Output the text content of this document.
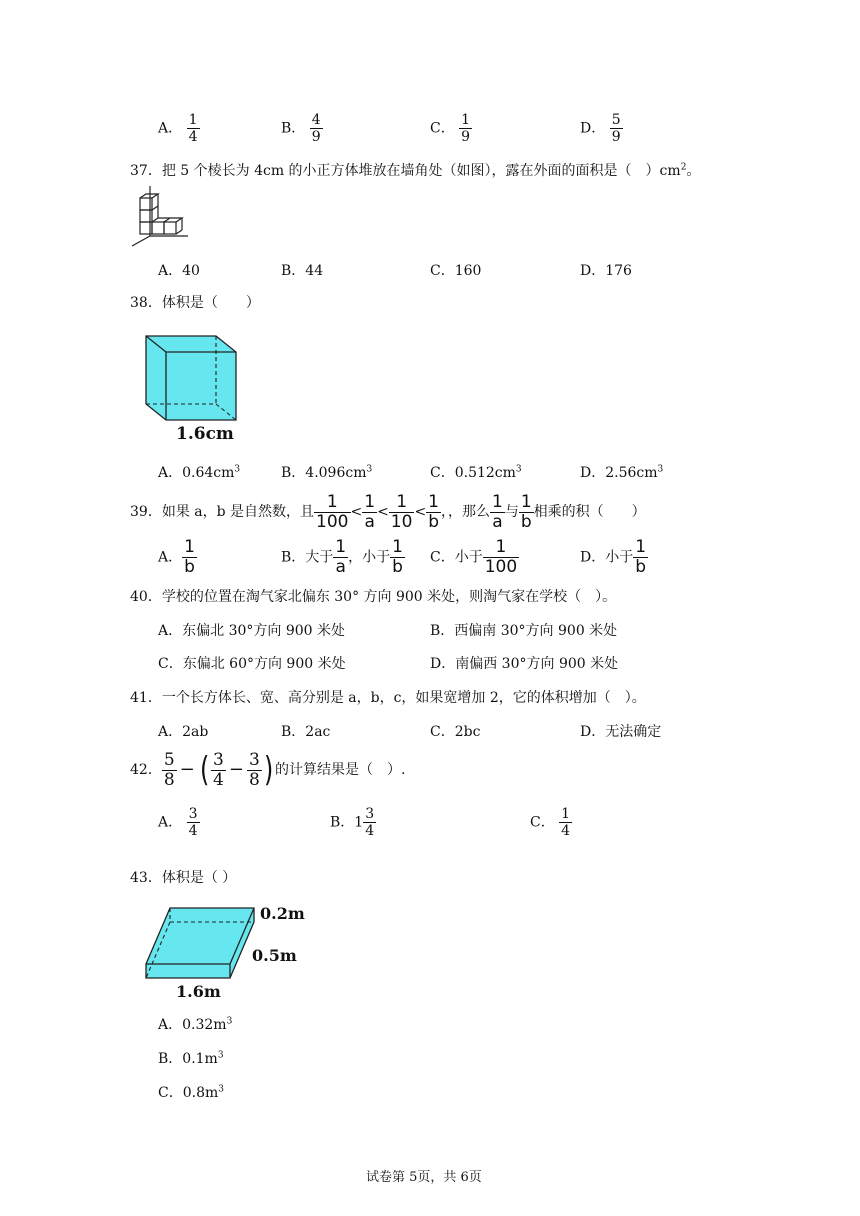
A． $\frac{1}{4}$	B． $\frac{4}{9}$	C． $\frac{1}{9}$	D． $\frac{5}{9}$
37．把 5 个棱长为 4cm 的小正方体堆放在墙角处（如图），露在外面的面积是（　）$cm^2$。
A．40	B．44	C．160	D．176
38．体积是（　　）
1.6cm
A．$0.64cm^3$	B．$4.096cm^3$	C．$0.512cm^3$	D．$2.56cm^3$
39．如果 a，b 是自然数，且 $\frac{1}{100} < \frac{1}{a} < \frac{1}{10} < \frac{1}{b}$ ，，那么 $\frac{1}{a}$ 与 $\frac{1}{b}$ 相乘的积（　　）
A． $\frac{1}{b}$	B．大于 $\frac{1}{a}$ ，小于 $\frac{1}{b}$ C．小于 $\frac{1}{100}$	D．小于 $\frac{1}{b}$
40．学校的位置在淘气家北偏东 30° 方向 900 米处，则淘气家在学校（　）。
A．东偏北 30°方向 900 米处	B．西偏南 30°方向 900 米处
C．东偏北 60°方向 900 米处	D．南偏西 30°方向 900 米处
41．一个长方体长、宽、高分别是 a，b，c，如果宽增加 2，它的体积增加（　）。
A．2ab	B．2ac	C．2bc	D．无法确定
42． $\frac{5}{8}$ − ( $\frac{3}{4} - \frac{3}{8}$ ) 的计算结果是（　）.
A． $\frac{3}{4}$	B．$1 \frac{3}{4}$	C． $\frac{1}{4}$
43．体积是（ ）
0.2m
0.5m
1.6m
A．$0.32m^3$
B．$0.1m^3$
C．$0.8m^3$
试卷第 5页，共 6页
